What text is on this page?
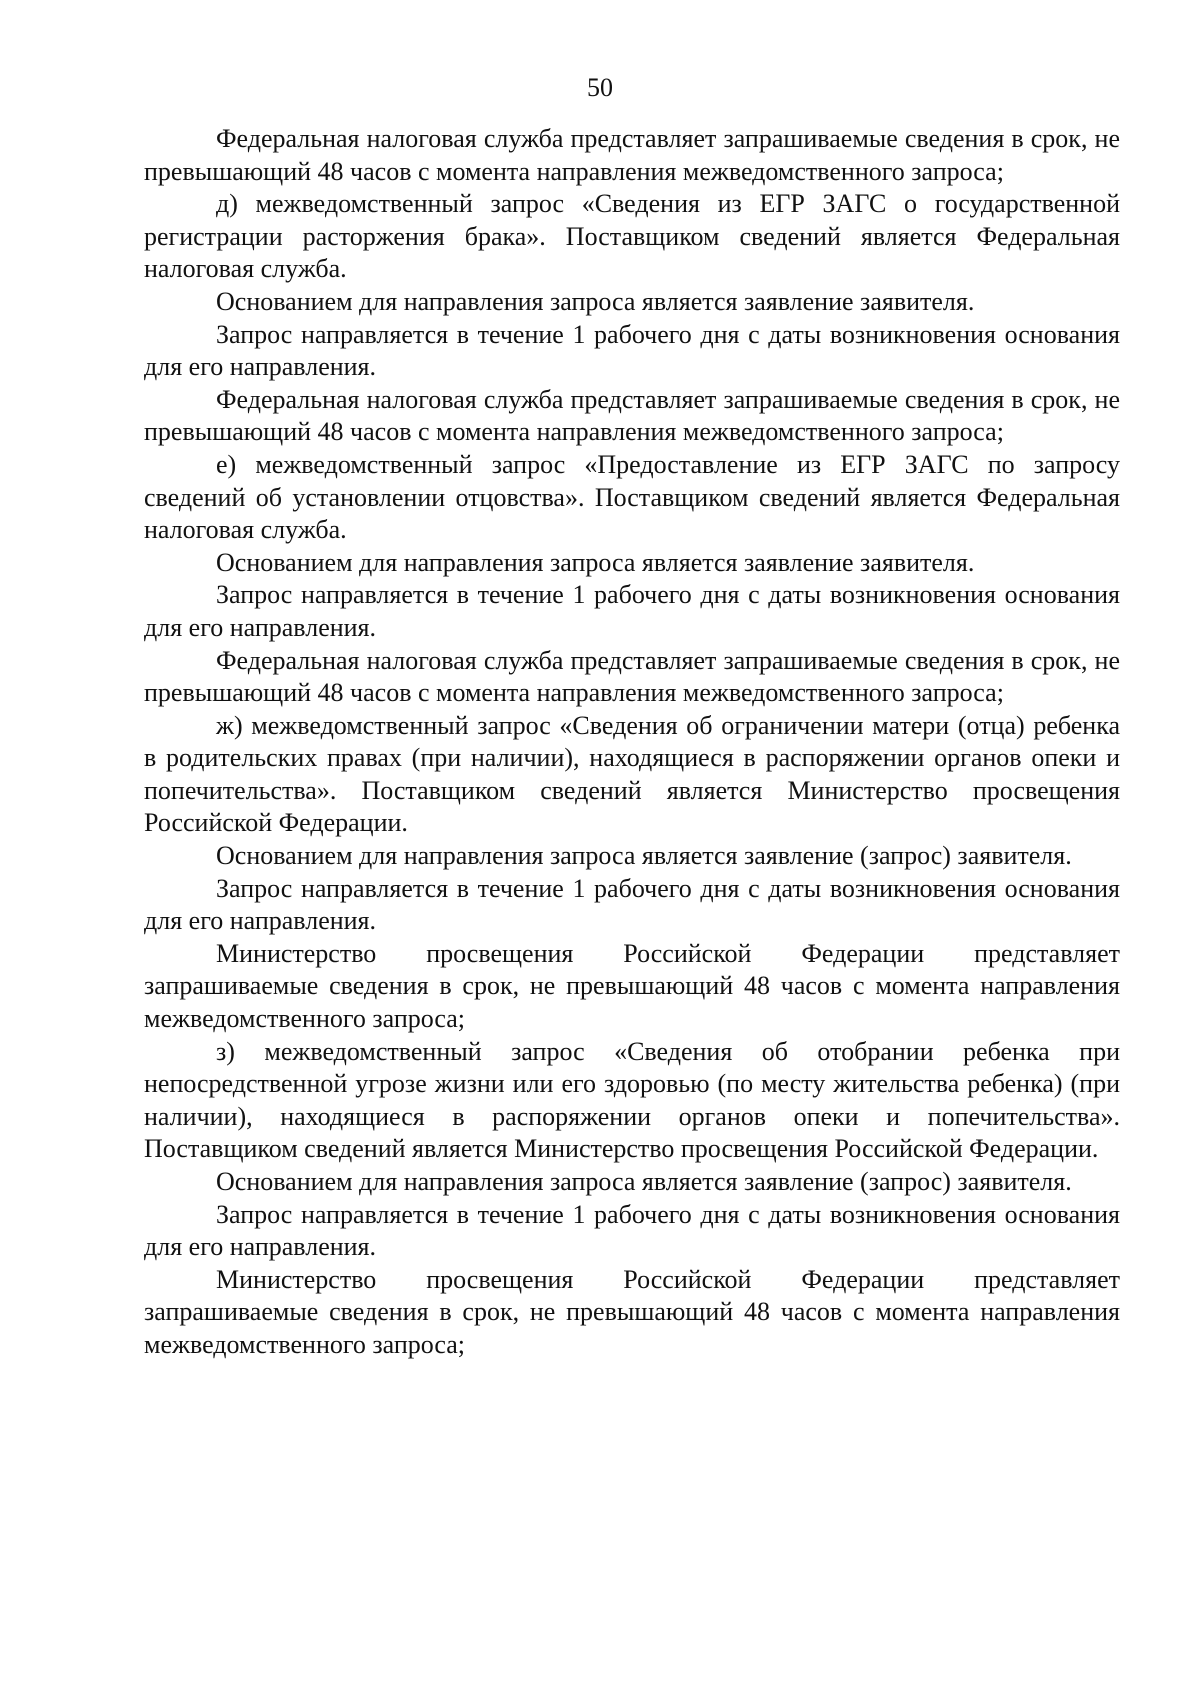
50

Федеральная налоговая служба представляет запрашиваемые сведения в срок, не превышающий 48 часов с момента направления межведомственного запроса;

д) межведомственный запрос «Сведения из ЕГР ЗАГС о государственной регистрации расторжения брака». Поставщиком сведений является Федеральная налоговая служба.

Основанием для направления запроса является заявление заявителя.

Запрос направляется в течение 1 рабочего дня с даты возникновения основания для его направления.

Федеральная налоговая служба представляет запрашиваемые сведения в срок, не превышающий 48 часов с момента направления межведомственного запроса;

е) межведомственный запрос «Предоставление из ЕГР ЗАГС по запросу сведений об установлении отцовства». Поставщиком сведений является Федеральная налоговая служба.

Основанием для направления запроса является заявление заявителя.

Запрос направляется в течение 1 рабочего дня с даты возникновения основания для его направления.

Федеральная налоговая служба представляет запрашиваемые сведения в срок, не превышающий 48 часов с момента направления межведомственного запроса;

ж) межведомственный запрос «Сведения об ограничении матери (отца) ребенка в родительских правах (при наличии), находящиеся в распоряжении органов опеки и попечительства». Поставщиком сведений является Министерство просвещения Российской Федерации.

Основанием для направления запроса является заявление (запрос) заявителя.

Запрос направляется в течение 1 рабочего дня с даты возникновения основания для его направления.

Министерство просвещения Российской Федерации представляет запрашиваемые сведения в срок, не превышающий 48 часов с момента направления межведомственного запроса;

з) межведомственный запрос «Сведения об отобрании ребенка при непосредственной угрозе жизни или его здоровью (по месту жительства ребенка) (при наличии), находящиеся в распоряжении органов опеки и попечительства». Поставщиком сведений является Министерство просвещения Российской Федерации.

Основанием для направления запроса является заявление (запрос) заявителя.

Запрос направляется в течение 1 рабочего дня с даты возникновения основания для его направления.

Министерство просвещения Российской Федерации представляет запрашиваемые сведения в срок, не превышающий 48 часов с момента направления межведомственного запроса;
